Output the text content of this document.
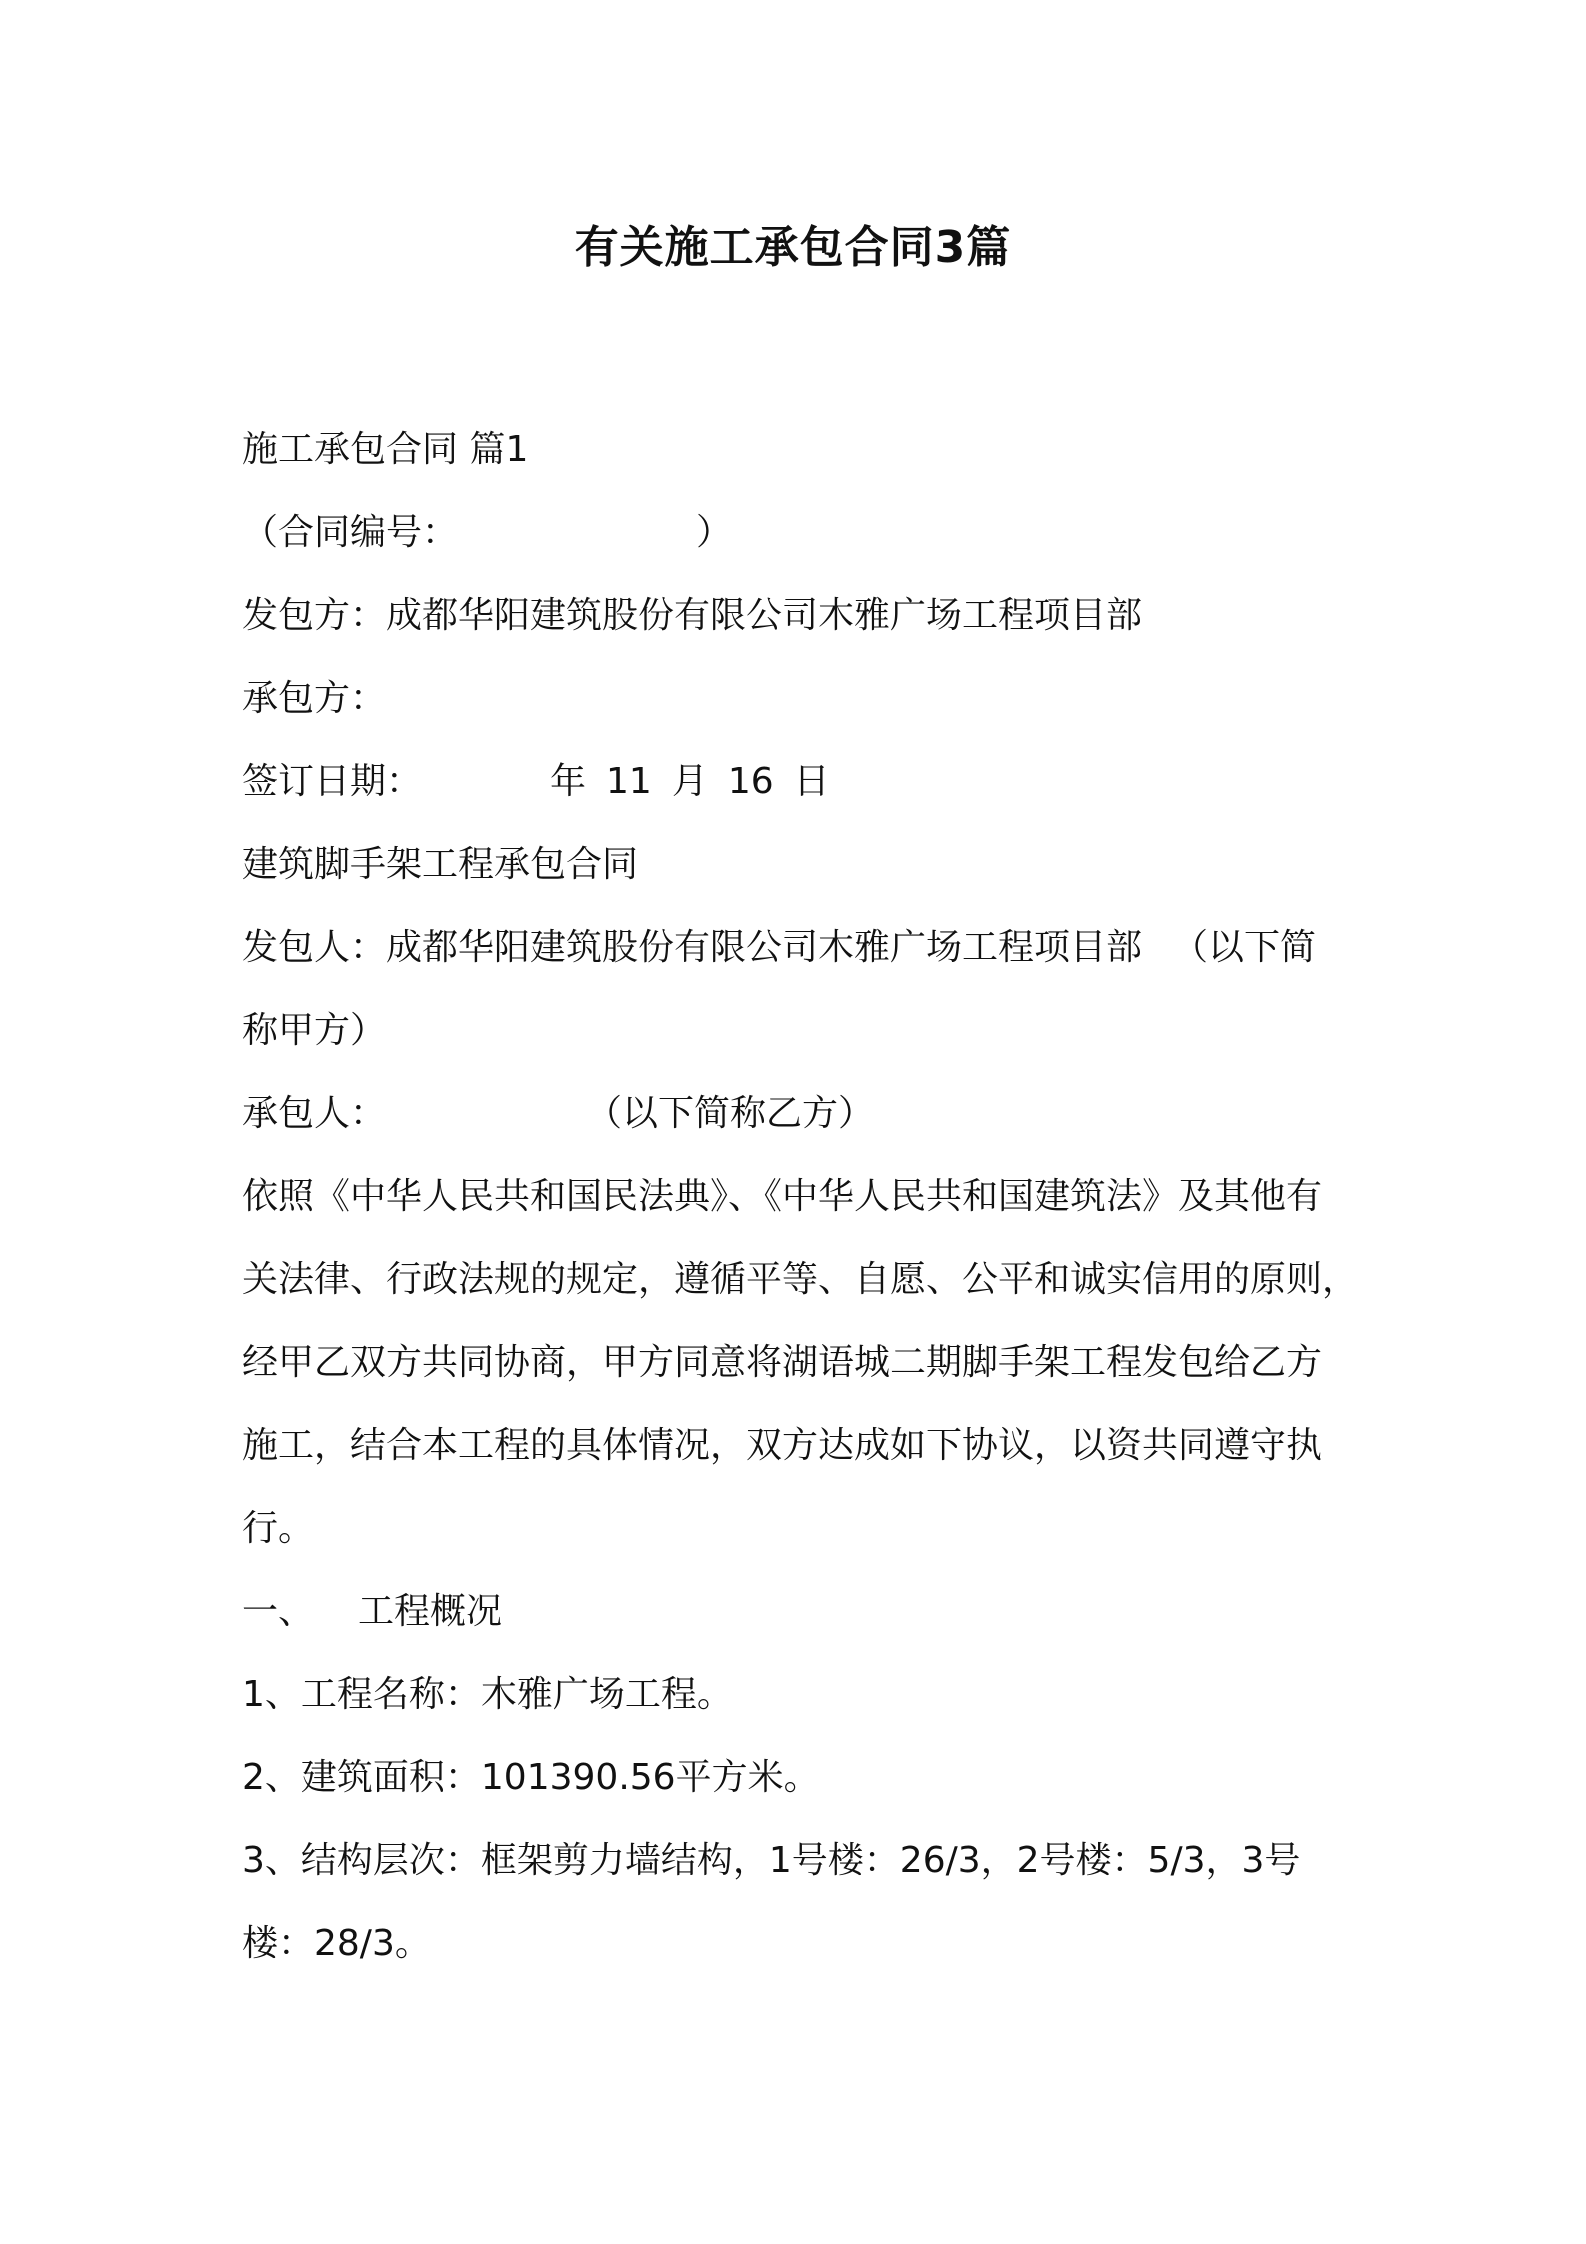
有关施工承包合同3篇
施工承包合同 篇1
（合同编号：	）
发包方：成都华阳建筑股份有限公司木雅广场工程项目部
承包方：
签订日期：	年 11 月 16 日
建筑脚手架工程承包合同
发包人：成都华阳建筑股份有限公司木雅广场工程项目部 （以下简
称甲方）
承包人：	（以下简称乙方）
依照《中华人民共和国民法典》、《中华人民共和国建筑法》及其他有
关法律、行政法规的规定，遵循平等、自愿、公平和诚实信用的原则，
经甲乙双方共同协商，甲方同意将湖语城二期脚手架工程发包给乙方
施工，结合本工程的具体情况，双方达成如下协议，以资共同遵守执
行。
一、 工程概况
1、工程名称：木雅广场工程。
2、建筑面积：101390.56平方米。
3、结构层次：框架剪力墙结构，1号楼：26/3，2号楼：5/3，3号
楼：28/3。
